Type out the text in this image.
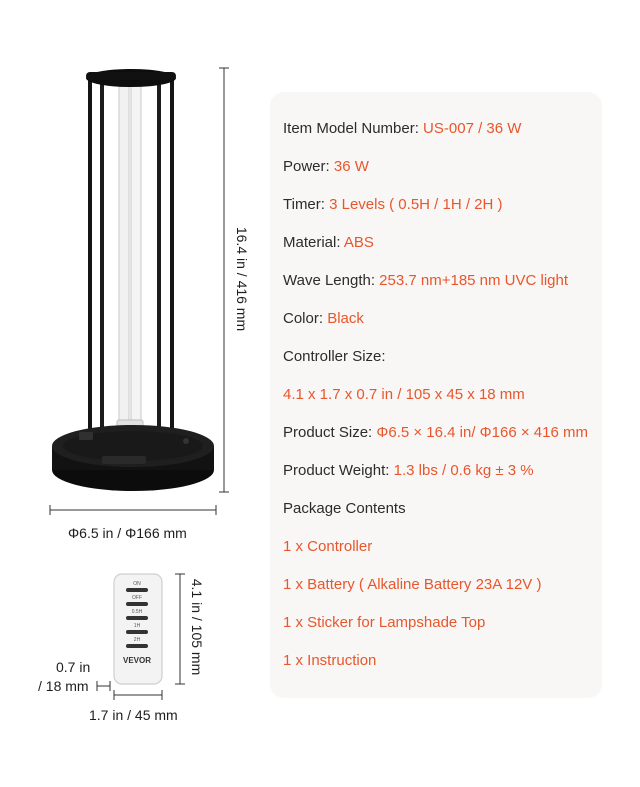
Item Model Number: US-007 / 36 W
Power: 36 W
Timer: 3 Levels ( 0.5H / 1H / 2H )
Material: ABS
Wave Length: 253.7 nm+185 nm UVC light
Color: Black
Controller Size:
4.1 x 1.7 x 0.7 in / 105 x 45 x 18 mm
Product Size: Φ6.5 × 16.4 in/ Φ166 × 416 mm
Product Weight: 1.3 lbs / 0.6 kg ± 3 %
Package Contents
1 x Controller
1 x Battery ( Alkaline Battery 23A 12V )
1 x Sticker for Lampshade Top
1 x Instruction
ON
OFF
0.5H
1H
2H
VEVOR
16.4 in / 416 mm
Φ6.5 in / Φ166 mm
4.1 in / 105 mm
0.7 in
/ 18 mm
1.7 in / 45 mm
